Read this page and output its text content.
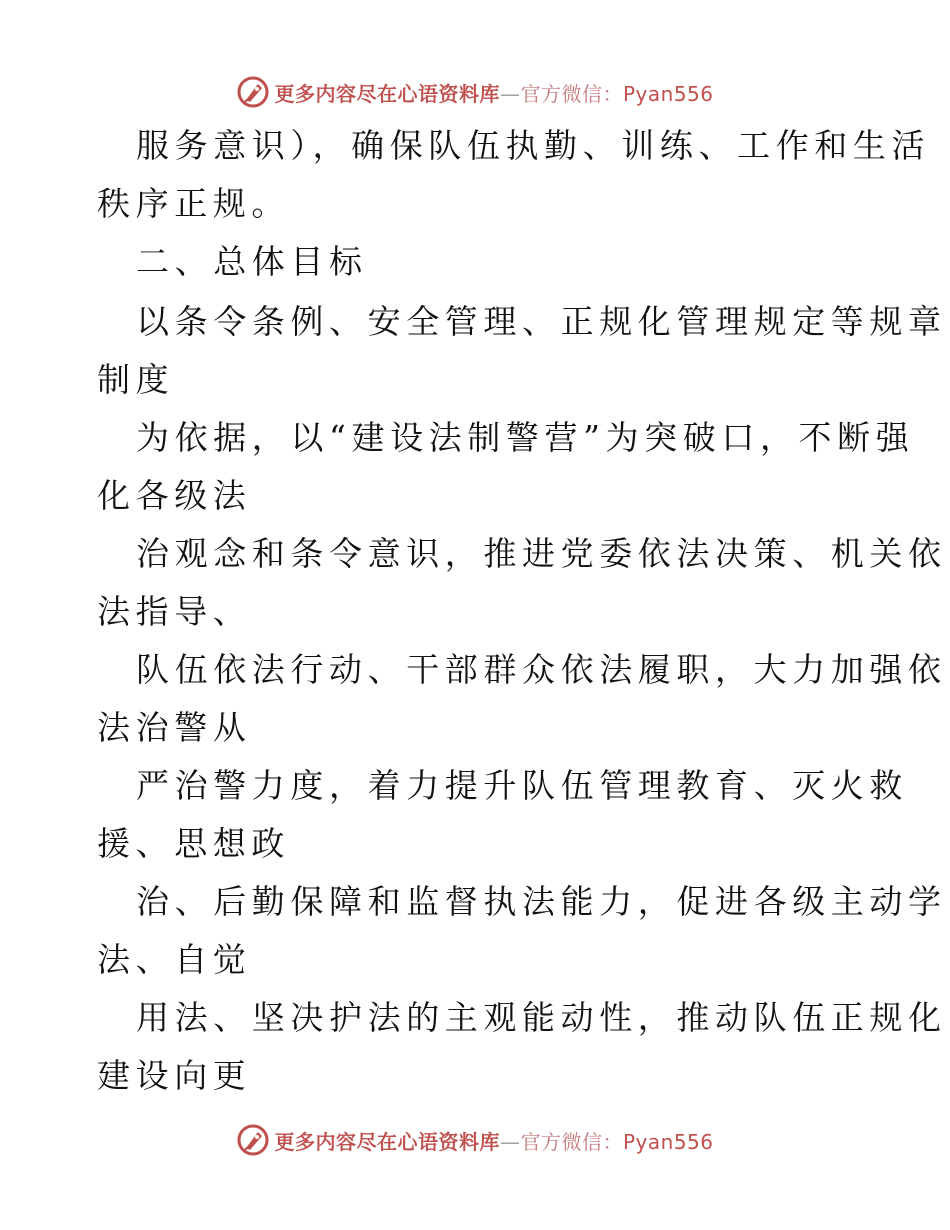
更多内容尽在心语资料库—官方微信：Pyan556
服务意识），确保队伍执勤、训练、工作和生活
秩序正规。
二、总体目标
以条令条例、安全管理、正规化管理规定等规章
制度
为依据，以“建设法制警营”为突破口，不断强
化各级法
治观念和条令意识，推进党委依法决策、机关依
法指导、
队伍依法行动、干部群众依法履职，大力加强依
法治警从
严治警力度，着力提升队伍管理教育、灭火救
援、思想政
治、后勤保障和监督执法能力，促进各级主动学
法、自觉
用法、坚决护法的主观能动性，推动队伍正规化
建设向更
更多内容尽在心语资料库—官方微信：Pyan556
